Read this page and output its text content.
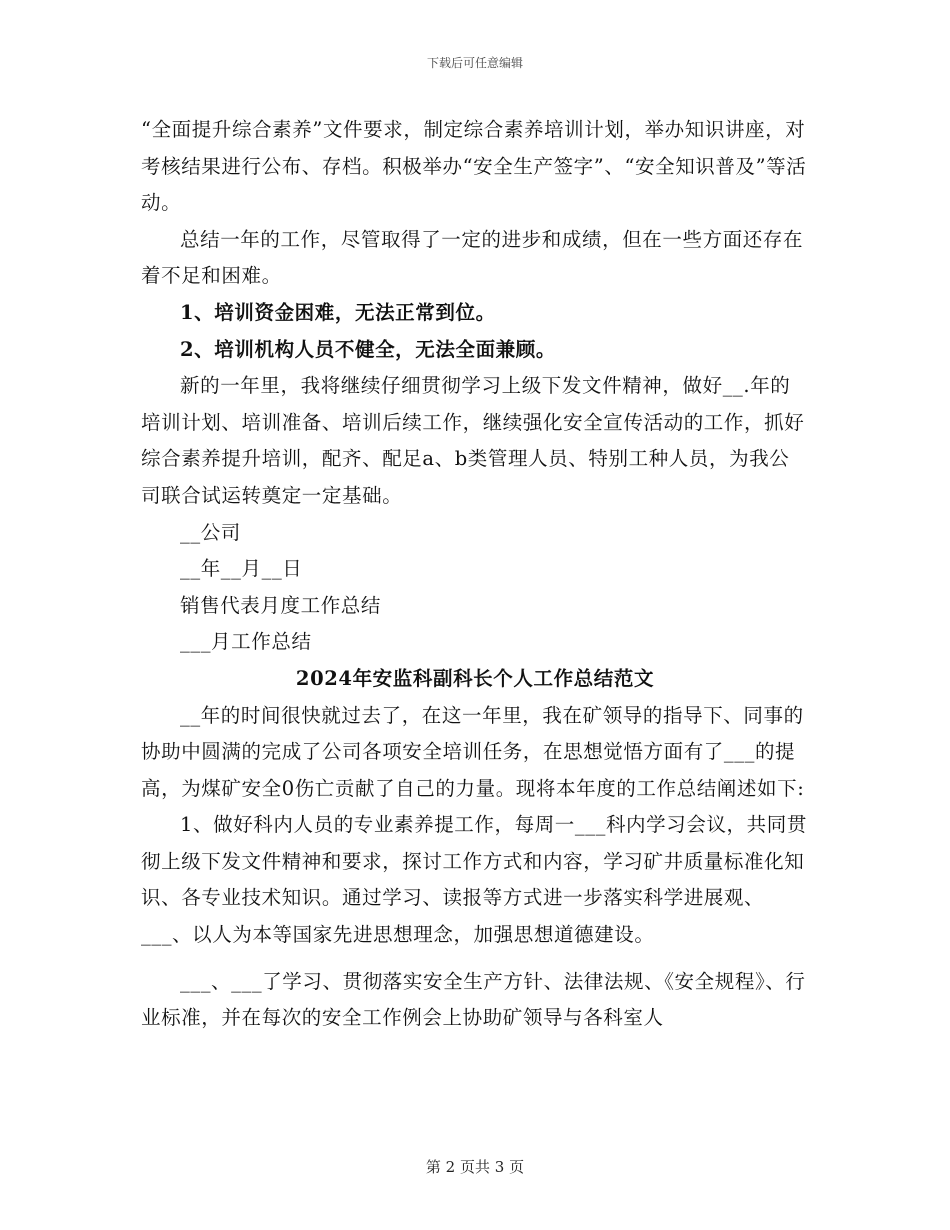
下载后可任意编辑

“全面提升综合素养”文件要求，制定综合素养培训计划，举办知识讲座，对考核结果进行公布、存档。积极举办“安全生产签字”、“安全知识普及”等活动。

总结一年的工作，尽管取得了一定的进步和成绩，但在一些方面还存在着不足和困难。

1、培训资金困难，无法正常到位。

2、培训机构人员不健全，无法全面兼顾。

新的一年里，我将继续仔细贯彻学习上级下发文件精神，做好__.年的培训计划、培训准备、培训后续工作，继续强化安全宣传活动的工作，抓好综合素养提升培训，配齐、配足a、b类管理人员、特别工种人员，为我公司联合试运转奠定一定基础。

__公司

__年__月__日

销售代表月度工作总结

___月工作总结

2024年安监科副科长个人工作总结范文

__年的时间很快就过去了，在这一年里，我在矿领导的指导下、同事的协助中圆满的完成了公司各项安全培训任务，在思想觉悟方面有了___的提高，为煤矿安全0伤亡贡献了自己的力量。现将本年度的工作总结阐述如下:

1、做好科内人员的专业素养提工作，每周一___科内学习会议，共同贯彻上级下发文件精神和要求，探讨工作方式和内容，学习矿井质量标准化知识、各专业技术知识。通过学习、读报等方式进一步落实科学进展观、___、以人为本等国家先进思想理念，加强思想道德建设。

___、___了学习、贯彻落实安全生产方针、法律法规、《安全规程》、行业标准，并在每次的安全工作例会上协助矿领导与各科室人

第 2 页共 3 页
